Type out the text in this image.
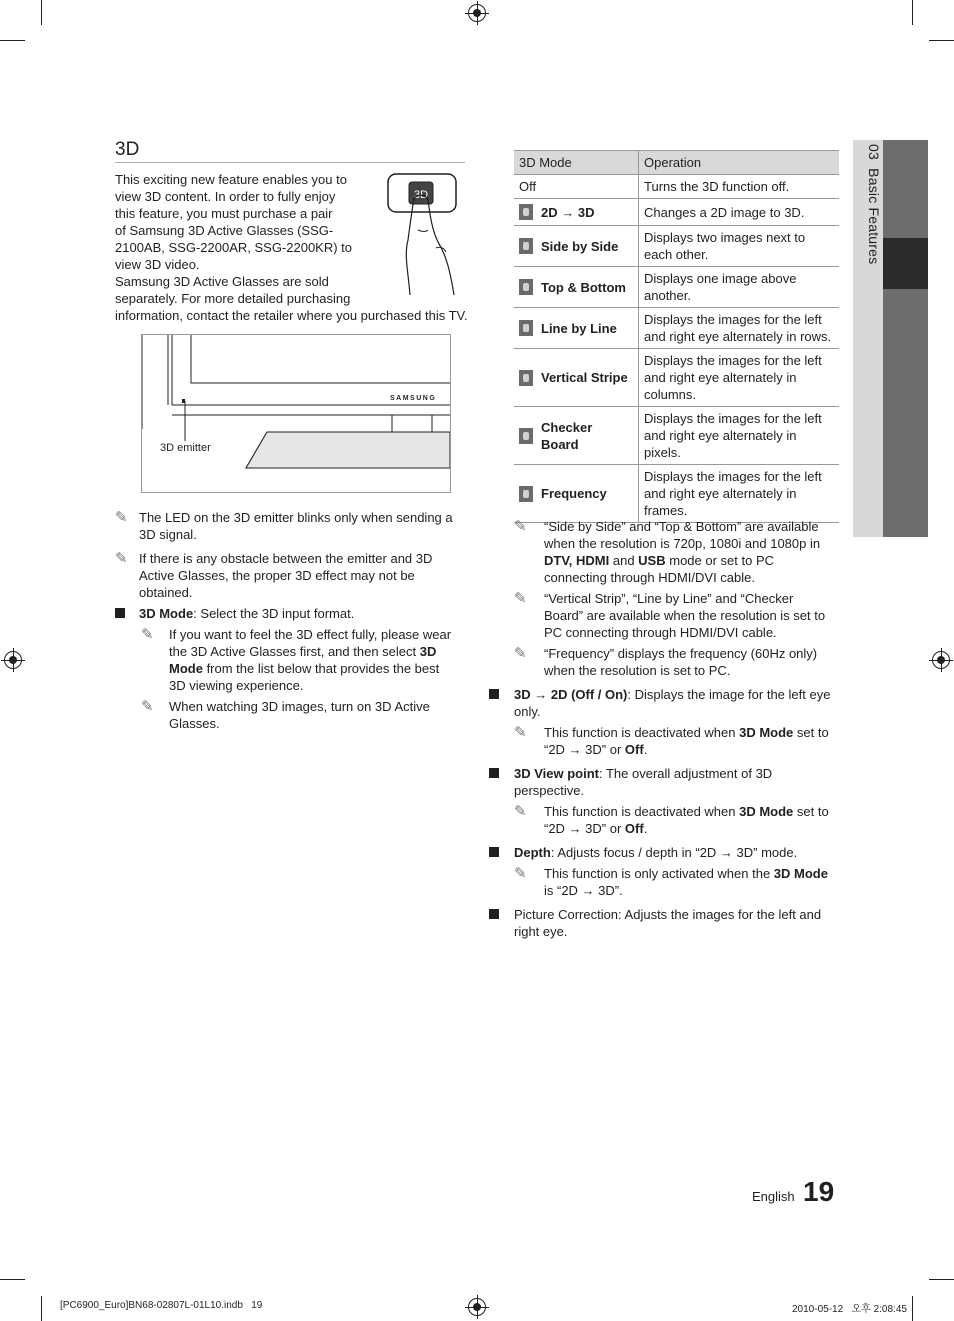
3D

This exciting new feature enables you to

view 3D content. In order to fully enjoy

this feature, you must purchase a pair

of Samsung 3D Active Glasses (SSG-

2100AB, SSG-2200AR, SSG-2200KR) to

view 3D video.

Samsung 3D Active Glasses are sold

separately. For more detailed purchasing

information, contact the retailer where you purchased this TV.

3D
SAMSUNG
3D emitter
✎ The LED on the 3D emitter blinks only when sending a 3D signal.
✎ If there is any obstacle between the emitter and 3D Active Glasses, the proper 3D effect may not be obtained.
3D Mode: Select the 3D input format.
✎	If you want to feel the 3D effect fully, please wear the 3D Active Glasses first, and then select 3D Mode from the list below that provides the best 3D viewing experience.
✎	When watching 3D images, turn on 3D Active Glasses.
3D Mode	Operation
Off	Turns the 3D function off.

2D → 3D	Changes a 2D image to 3D.

Side by Side	Displays two images next to each other.

Top & Bottom	Displays one image above another.

Line by Line	Displays the images for the left and right eye alternately in rows.

Vertical Stripe	Displays the images for the left and right eye alternately in columns.

Checker Board	Displays the images for the left and right eye alternately in pixels.

Frequency	Displays the images for the left and right eye alternately in frames.
✎	“Side by Side” and “Top & Bottom” are available when the resolution is 720p, 1080i and 1080p in DTV, HDMI and USB mode or set to PC connecting through HDMI/DVI cable.
✎	“Vertical Strip”, “Line by Line” and “Checker Board” are available when the resolution is set to PC connecting through HDMI/DVI cable.
✎	“Frequency” displays the frequency (60Hz only) when the resolution is set to PC.
3D → 2D (Off / On): Displays the image for the left eye only.
✎	This function is deactivated when 3D Mode set to “2D → 3D” or Off.
3D View point: The overall adjustment of 3D perspective.
✎	This function is deactivated when 3D Mode set to “2D → 3D” or Off.
Depth: Adjusts focus / depth in “2D → 3D” mode.
✎	This function is only activated when the 3D Mode is “2D → 3D”.
Picture Correction: Adjusts the images for the left and right eye.
03  Basic Features
English 19
[PC6900_Euro]BN68-02807L-01L10.indb   19	2010-05-12   오후 2:08:45
